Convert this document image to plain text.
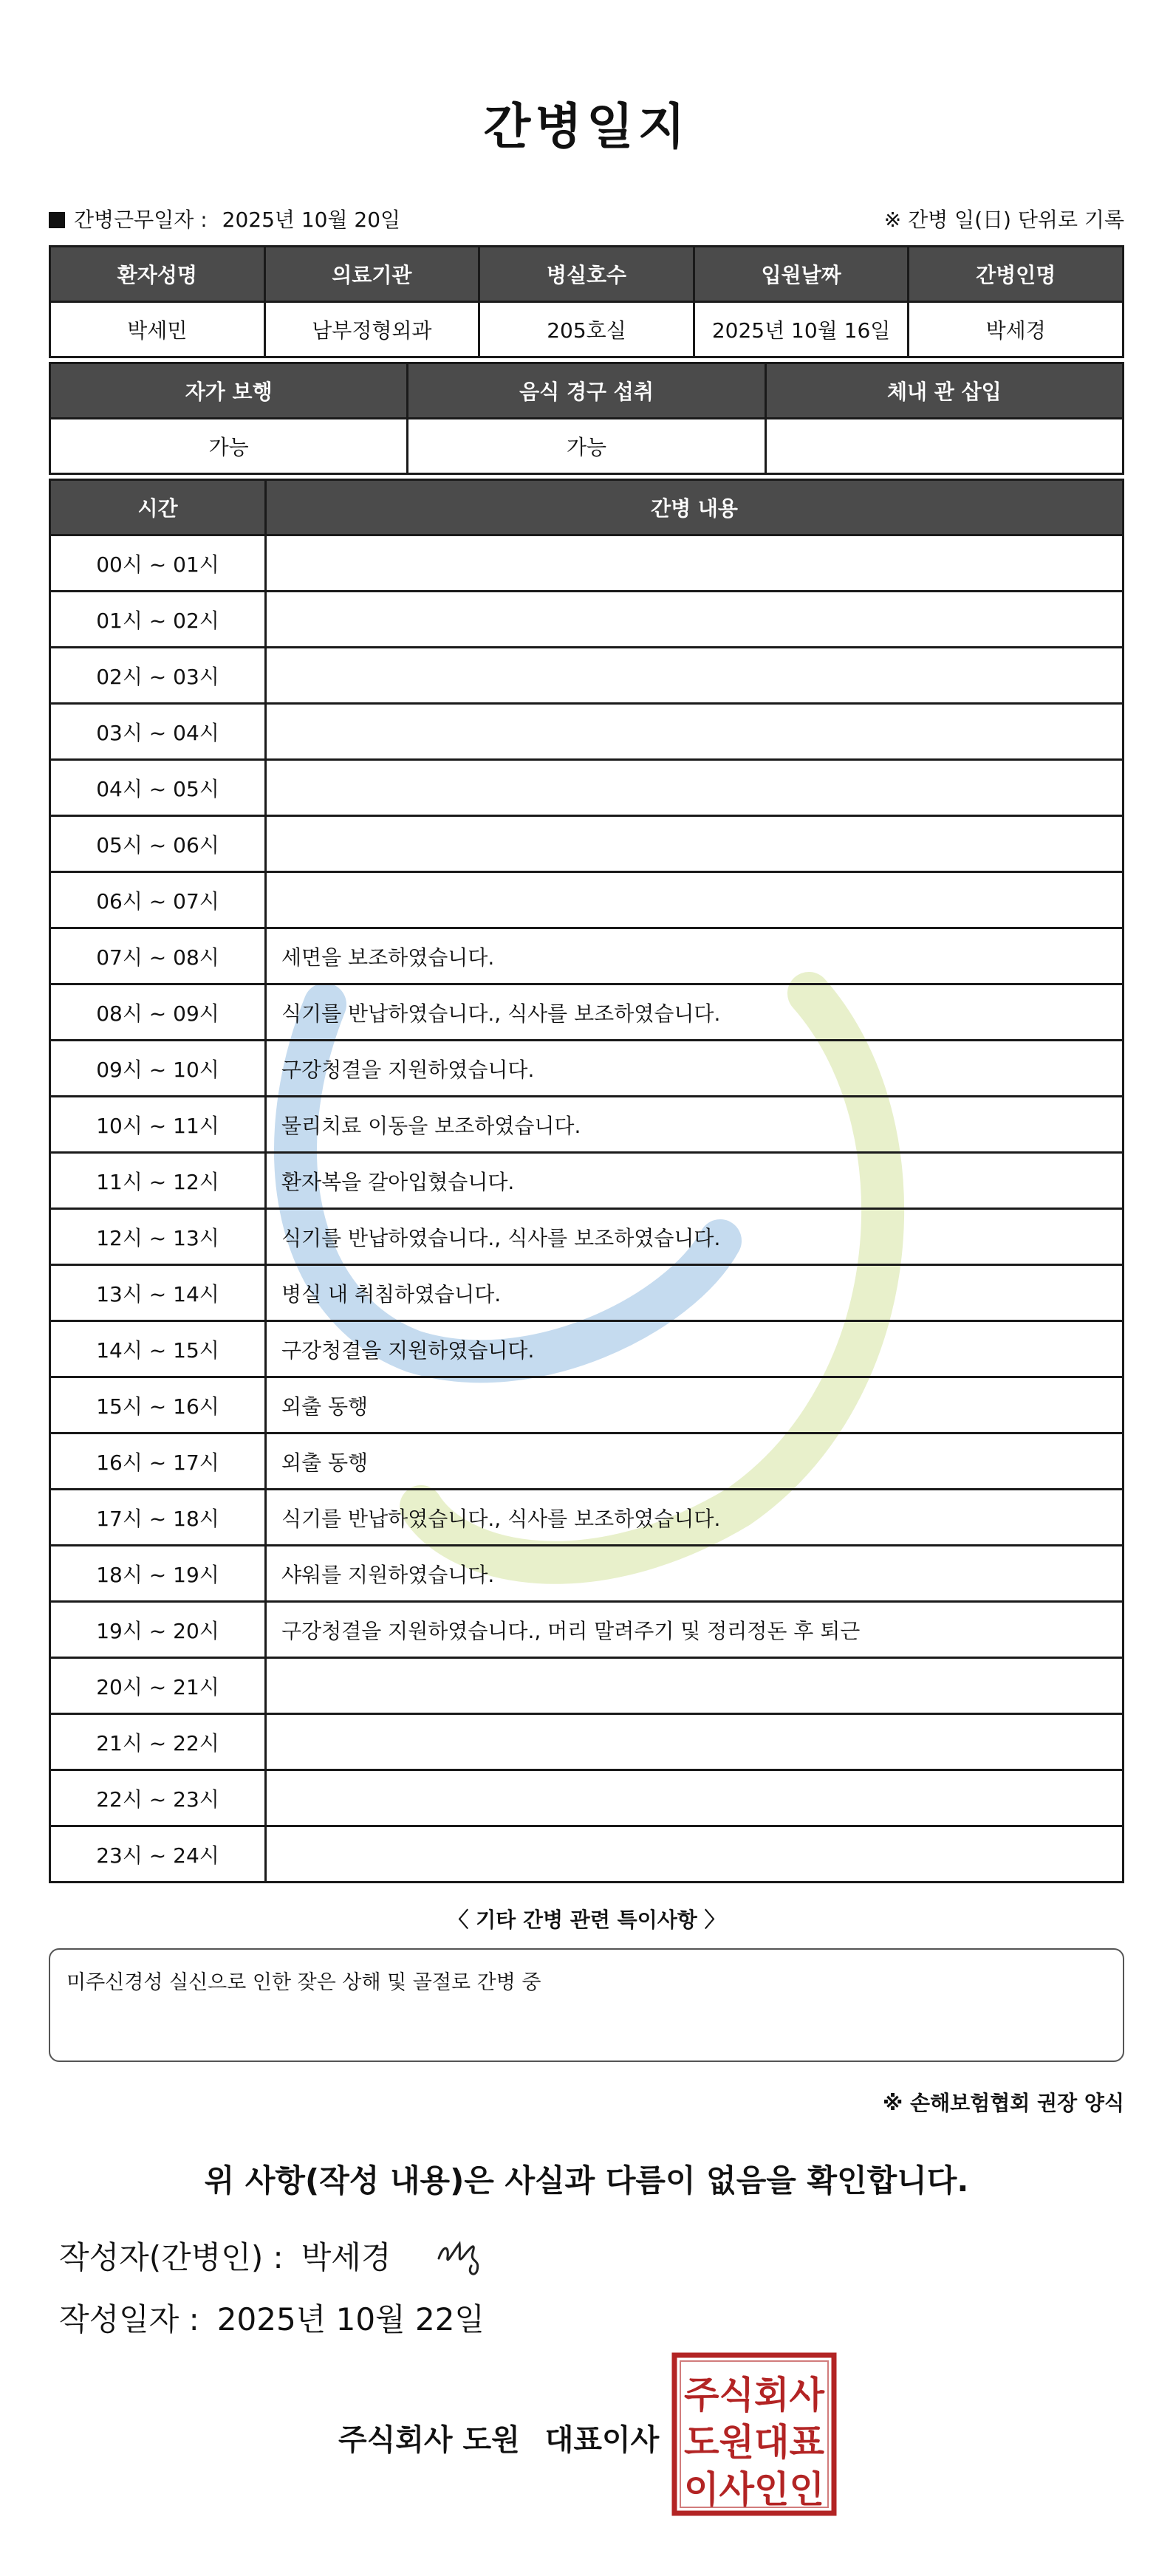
간병일지
간병근무일자 : 2025년 10월 20일	※ 간병 일(日) 단위로 기록
환자성명	의료기관	병실호수	입원날짜	간병인명
박세민	남부정형외과	205호실	2025년 10월 16일	박세경
자가 보행	음식 경구 섭취	체내 관 삽입
가능	가능	
시간	간병 내용
00시 ~ 01시	
01시 ~ 02시	
02시 ~ 03시	
03시 ~ 04시	
04시 ~ 05시	
05시 ~ 06시	
06시 ~ 07시	
07시 ~ 08시	세면을 보조하였습니다.
08시 ~ 09시	식기를 반납하였습니다., 식사를 보조하였습니다.
09시 ~ 10시	구강청결을 지원하였습니다.
10시 ~ 11시	물리치료 이동을 보조하였습니다.
11시 ~ 12시	환자복을 갈아입혔습니다.
12시 ~ 13시	식기를 반납하였습니다., 식사를 보조하였습니다.
13시 ~ 14시	병실 내 취침하였습니다.
14시 ~ 15시	구강청결을 지원하였습니다.
15시 ~ 16시	외출 동행
16시 ~ 17시	외출 동행
17시 ~ 18시	식기를 반납하였습니다., 식사를 보조하였습니다.
18시 ~ 19시	샤워를 지원하였습니다.
19시 ~ 20시	구강청결을 지원하였습니다., 머리 말려주기 및 정리정돈 후 퇴근
20시 ~ 21시	
21시 ~ 22시	
22시 ~ 23시	
23시 ~ 24시	
〈 기타 간병 관련 특이사항 〉
미주신경성 실신으로 인한 잦은 상해 및 골절로 간병 중
※ 손해보험협회 권장 양식
위 사항(작성 내용)은 사실과 다름이 없음을 확인합니다.
작성자(간병인) : 박세경
작성일자 : 2025년 10월 22일
주식회사 도원 대표이사
주식회사
도원대표
이사인인
